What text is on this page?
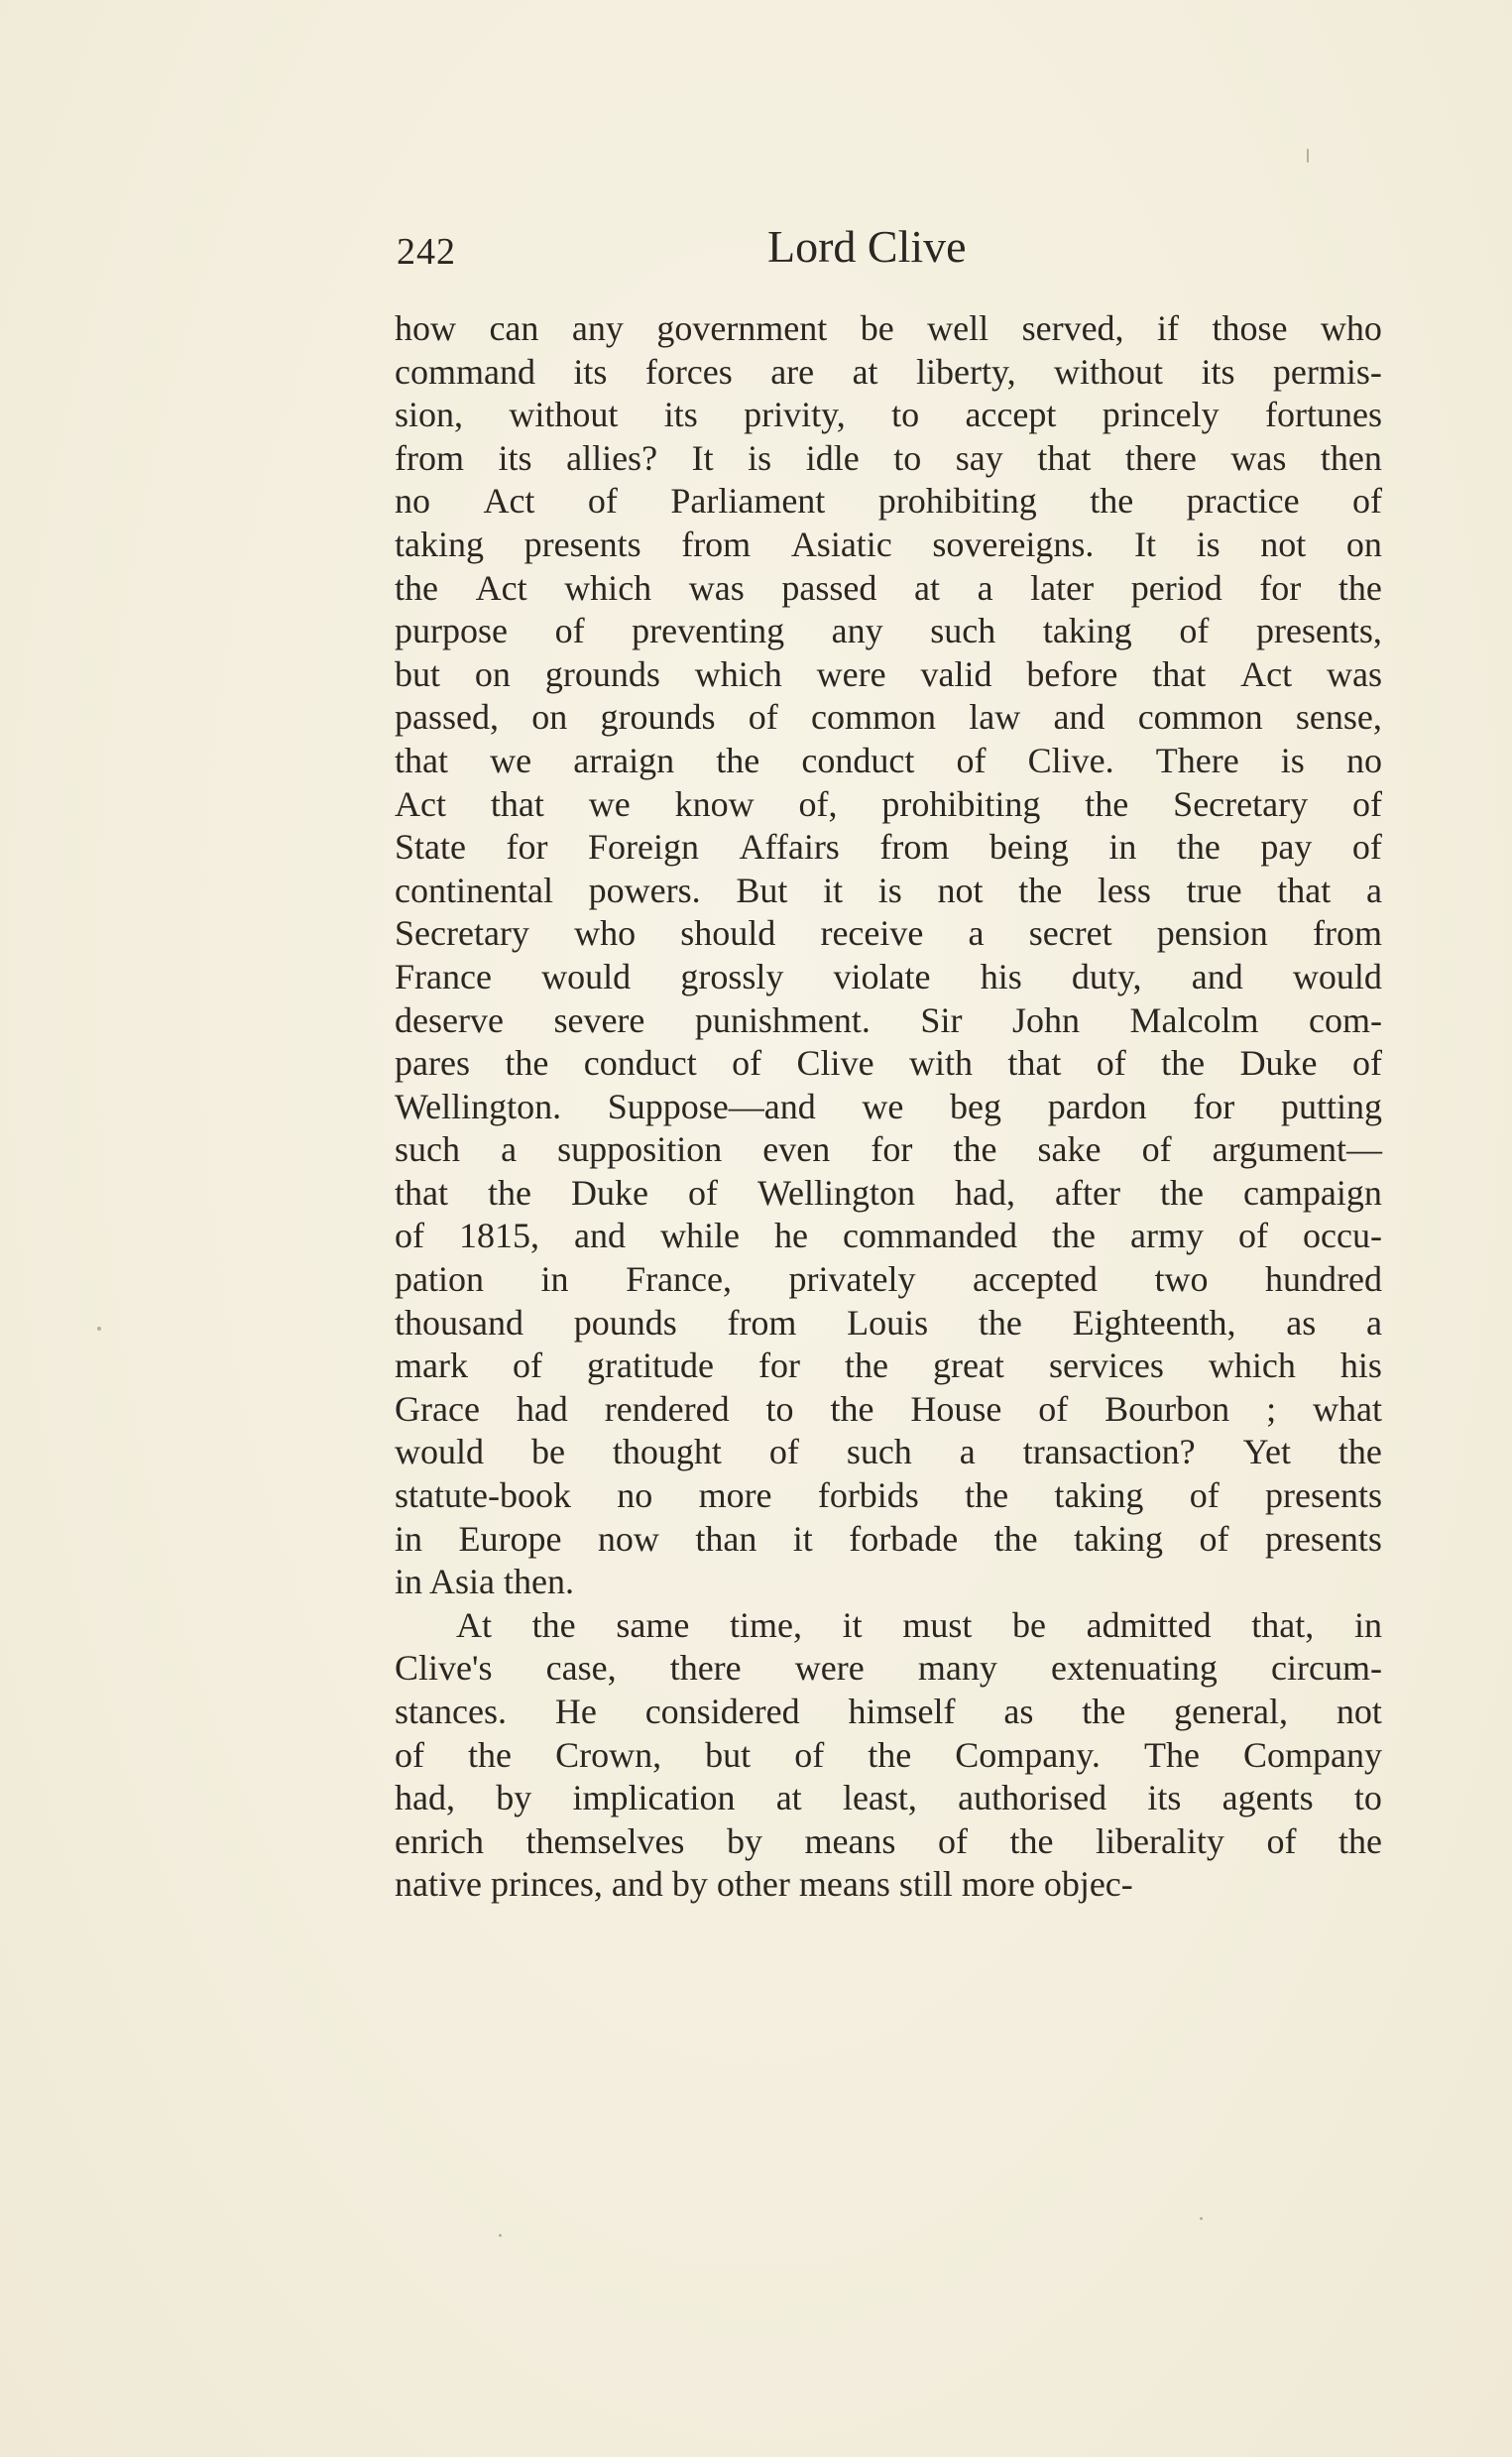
242	Lord Clive
how can any government be well served, if those who
command its forces are at liberty, without its permis-
sion, without its privity, to accept princely fortunes
from its allies? It is idle to say that there was then
no Act of Parliament prohibiting the practice of
taking presents from Asiatic sovereigns. It is not on
the Act which was passed at a later period for the
purpose of preventing any such taking of presents,
but on grounds which were valid before that Act was
passed, on grounds of common law and common sense,
that we arraign the conduct of Clive. There is no
Act that we know of, prohibiting the Secretary of
State for Foreign Affairs from being in the pay of
continental powers. But it is not the less true that a
Secretary who should receive a secret pension from
France would grossly violate his duty, and would
deserve severe punishment. Sir John Malcolm com-
pares the conduct of Clive with that of the Duke of
Wellington. Suppose—and we beg pardon for putting
such a supposition even for the sake of argument—
that the Duke of Wellington had, after the campaign
of 1815, and while he commanded the army of occu-
pation in France, privately accepted two hundred
thousand pounds from Louis the Eighteenth, as a
mark of gratitude for the great services which his
Grace had rendered to the House of Bourbon ; what
would be thought of such a transaction? Yet the
statute-book no more forbids the taking of presents
in Europe now than it forbade the taking of presents
in Asia then.
At the same time, it must be admitted that, in
Clive's case, there were many extenuating circum-
stances. He considered himself as the general, not
of the Crown, but of the Company. The Company
had, by implication at least, authorised its agents to
enrich themselves by means of the liberality of the
native princes, and by other means still more objec-
